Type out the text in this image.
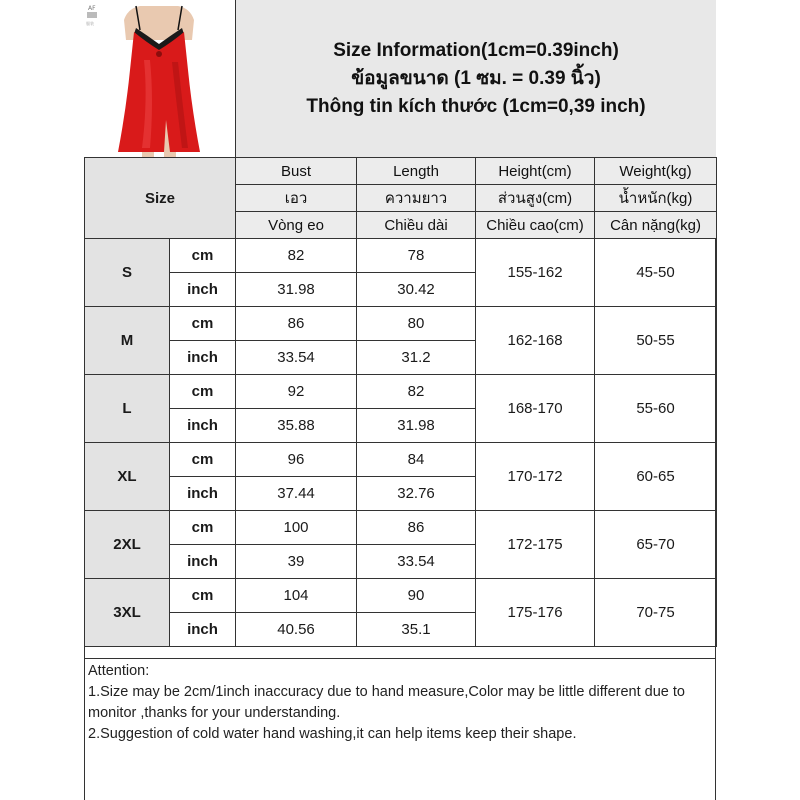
AF
服装
Size Information(1cm=0.39inch)
ข้อมูลขนาด (1 ซม. = 0.39 นิ้ว)
Thông tin kích thước (1cm=0,39 inch)
Size		Bust	Length	Height(cm)	Weight(kg)
		เอว	ความยาว	ส่วนสูง(cm)	น้ำหนัก(kg)
		Vòng eo	Chiều dài	Chiều cao(cm)	Cân nặng(kg)
S	cm	82	78	155-162	45-50
	inch	31.98	30.42		
M	cm	86	80	162-168	50-55
	inch	33.54	31.2		
L	cm	92	82	168-170	55-60
	inch	35.88	31.98		
XL	cm	96	84	170-172	60-65
	inch	37.44	32.76		
2XL	cm	100	86	172-175	65-70
	inch	39	33.54		
3XL	cm	104	90	175-176	70-75
	inch	40.56	35.1		
Attention:
1.Size may be 2cm/1inch inaccuracy due to hand measure,Color may be little different due to monitor ,thanks for your understanding.
2.Suggestion of cold water hand washing,it can help items keep their shape.
